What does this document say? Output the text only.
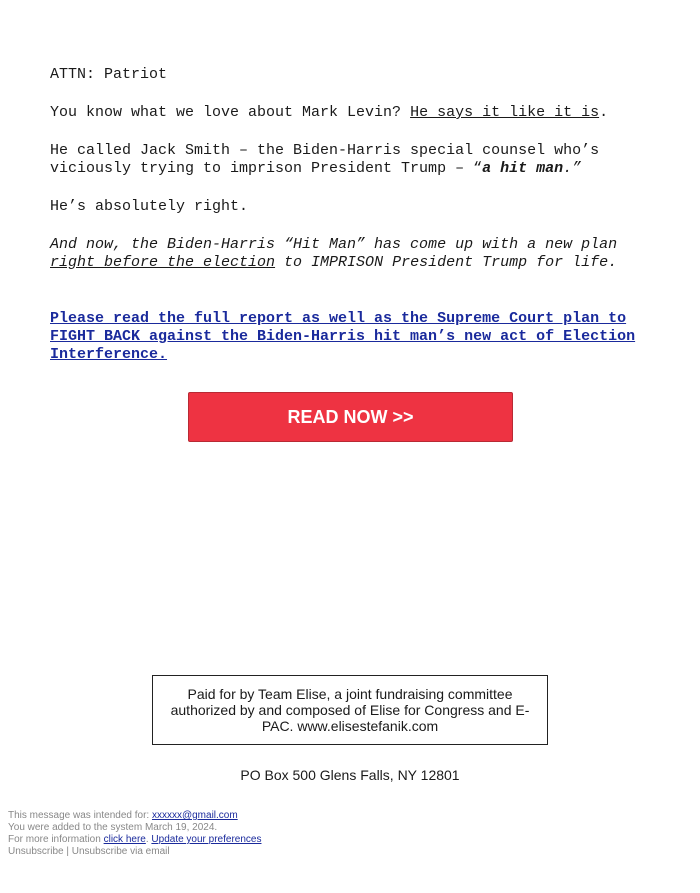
ATTN: Patriot

You know what we love about Mark Levin? He says it like it is.

He called Jack Smith – the Biden-Harris special counsel who’s viciously trying to imprison President Trump – “a hit man.”

He’s absolutely right.

And now, the Biden-Harris “Hit Man” has come up with a new plan right before the election to IMPRISON President Trump for life.

Please read the full report as well as the Supreme Court plan to FIGHT BACK against the Biden-Harris hit man’s new act of Election Interference.

READ NOW >>
Paid for by Team Elise, a joint fundraising committee authorized by and composed of Elise for Congress and E-PAC. www.elisestefanik.com
PO Box 500 Glens Falls, NY 12801
This message was intended for: xxxxxx@gmail.com
You were added to the system March 19, 2024.
For more information click here. Update your preferences
Unsubscribe | Unsubscribe via email
